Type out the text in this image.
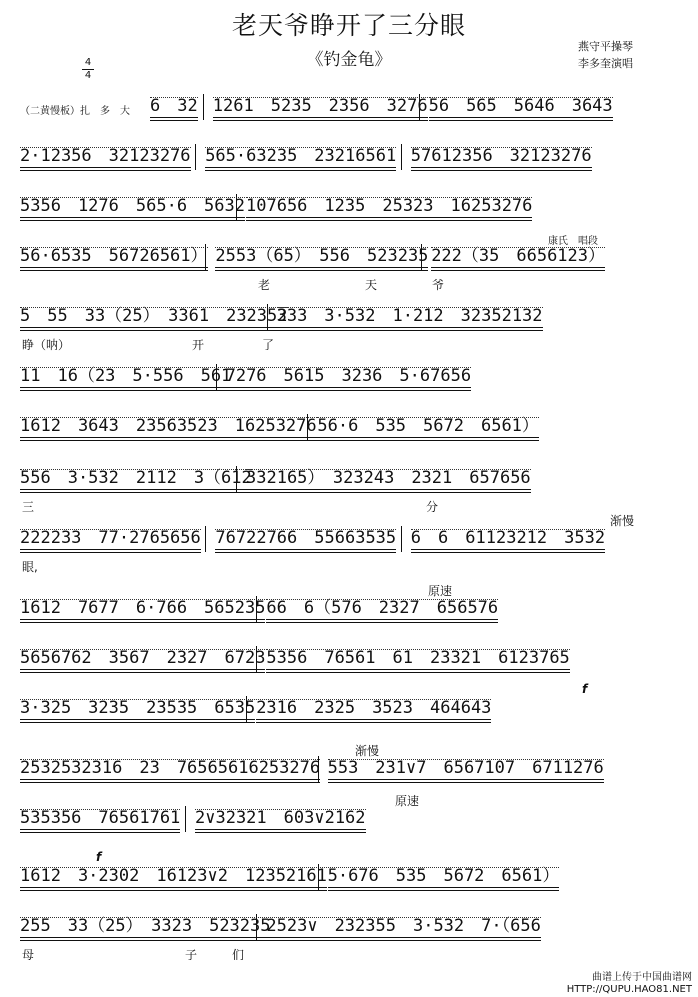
老天爷睁开了三分眼
《钓金龟》
燕守平操琴
李多奎演唱
4
4
（二黄慢板）扎　多　大 6　32 1261　5235　2356　3276 56　565　5646　3643
2·12356　32123276 565·63235　23216561 57612356　32123276
5356　1276　565·6　5632 107656　1235　25323　16253276
56·6535　56726561） 2553（65）　556　523235 222（35　6656123）
康氏　唱段
老	天	爷
5　55　33（25）　3361　232352
333　3·532　1·212　32352132
睁（呐）	开	了
11　16（23　5·556　561
7276　5615　3236　5·67656
1612　3643　23563523　16253276 56·6　535　5672　6561）
556　3·532　2112　3（612
332165）　323243　2321　657656
三	分
222233　77·2765656 76722766　55663535 6　6　61123212　3532
渐慢
眼,
1612　7677　6·766　565235 66　6（576　2327　656576
原速
5656762　3567　2327　6723 5356　76561　61　23321　6123765
3·325　3235　23535　6535 2316　2325　3523　464643
f
2532532316　23　76565616253276 553　231∨7　6567107　6711276
渐慢
535356　76561761 2∨32321　603∨2162
原速
1612　3·2302　16123∨2　12352161 5·676　535　5672　6561）
f
255　33（25）　3323　523235
2523∨　232355　3·532　7·（656
母	子	们
曲谱上传于中国曲谱网
HTTP://QUPU.HAO81.NET
